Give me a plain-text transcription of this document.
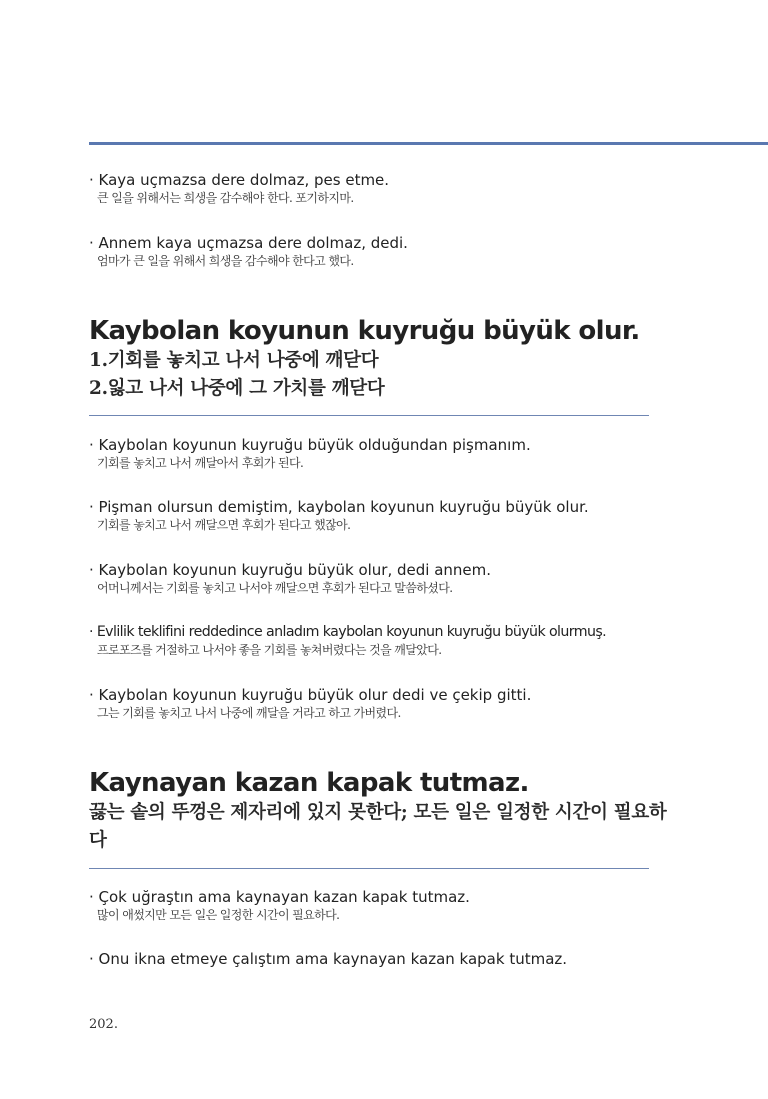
· Kaya uçmazsa dere dolmaz, pes etme.
큰 일을 위해서는 희생을 감수해야 한다. 포기하지마.
· Annem kaya uçmazsa dere dolmaz, dedi.
엄마가 큰 일을 위해서 희생을 감수해야 한다고 했다.
Kaybolan koyunun kuyruğu büyük olur.
1.기회를 놓치고 나서 나중에 깨닫다
2.잃고 나서 나중에 그 가치를 깨닫다
· Kaybolan koyunun kuyruğu büyük olduğundan pişmanım.
기회를 놓치고 나서 깨달아서 후회가 된다.
· Pişman olursun demiştim, kaybolan koyunun kuyruğu büyük olur.
기회를 놓치고 나서 깨달으면 후회가 된다고 했잖아.
· Kaybolan koyunun kuyruğu büyük olur, dedi annem.
어머니께서는 기회를 놓치고 나서야 깨달으면 후회가 된다고 말씀하셨다.
· Evlilik teklifini reddedince anladım kaybolan koyunun kuyruğu büyük olurmuş.
프로포즈를 거절하고 나서야 좋을 기회를 놓쳐버렸다는 것을 깨달았다.
· Kaybolan koyunun kuyruğu büyük olur dedi ve çekip gitti.
그는 기회를 놓치고 나서 나중에 깨달을 거라고 하고 가버렸다.
Kaynayan kazan kapak tutmaz.
끓는 솥의 뚜껑은 제자리에 있지 못한다; 모든 일은 일정한 시간이 필요하다
· Çok uğraştın ama kaynayan kazan kapak tutmaz.
많이 애썼지만 모든 일은 일정한 시간이 필요하다.
· Onu ikna etmeye çalıştım ama kaynayan kazan kapak tutmaz.
202.
